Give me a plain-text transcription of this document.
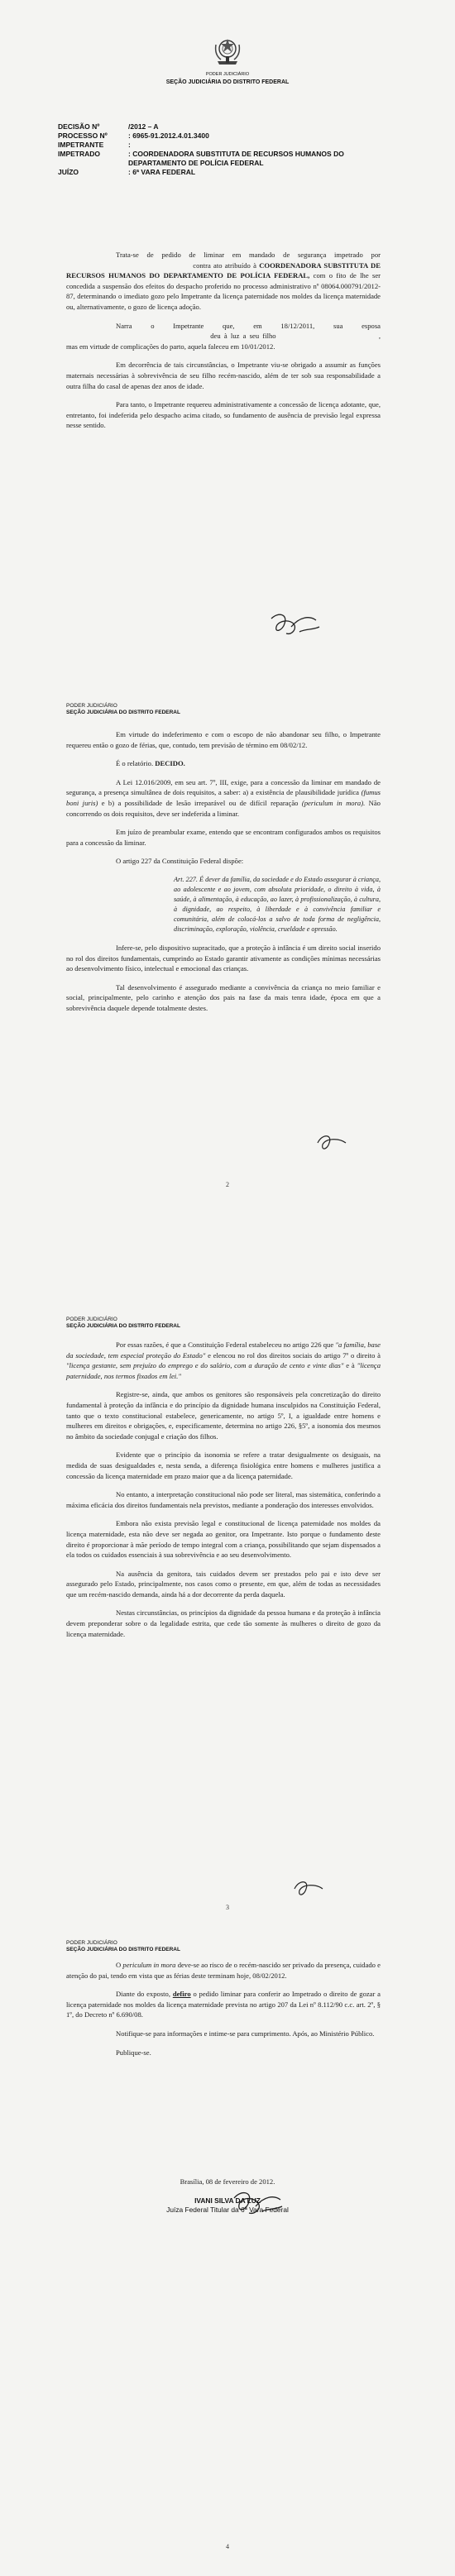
PODER JUDICIÁRIO
SEÇÃO JUDICIÁRIA DO DISTRITO FEDERAL
DECISÃO Nº	/2012 – A
PROCESSO Nº	: 6965-91.2012.4.01.3400
IMPETRANTE	:
IMPETRADO	: COORDENADORA SUBSTITUTA DE RECURSOS HUMANOS DO DEPARTAMENTO DE POLÍCIA FEDERAL
JUÍZO	: 6ª VARA FEDERAL

Trata-se de pedido de liminar em mandado de segurança impetrado por  contra ato atribuído à COORDENADORA SUBSTITUTA DE RECURSOS HUMANOS DO DEPARTAMENTO DE POLÍCIA FEDERAL, com o fito de lhe ser concedida a suspensão dos efeitos do despacho proferido no processo administrativo nº 08064.000791/2012-87, determinando o imediato gozo pelo Impetrante da licença paternidade nos moldes da licença maternidade ou, alternativamente, o gozo de licença adoção.

Narra o Impetrante que, em 18/12/2011, sua esposa  deu à luz a seu filho	, mas em virtude de complicações do parto, aquela faleceu em 10/01/2012.

Em decorrência de tais circunstâncias, o Impetrante viu-se obrigado a assumir as funções maternais necessárias à sobrevivência de seu filho recém-nascido, além de ter sob sua responsabilidade a outra filha do casal de apenas dez anos de idade.

Para tanto, o Impetrante requereu administrativamente a concessão de licença adotante, que, entretanto, foi indeferida pelo despacho acima citado, so fundamento de ausência de previsão legal expressa nesse sentido.

PODER JUDICIÁRIO
SEÇÃO JUDICIÁRIA DO DISTRITO FEDERAL

Em virtude do indeferimento e com o escopo de não abandonar seu filho, o Impetrante requereu então o gozo de férias, que, contudo, tem previsão de término em 08/02/12.

É o relatório. DECIDO.

A Lei 12.016/2009, em seu art. 7º, III, exige, para a concessão da liminar em mandado de segurança, a presença simultânea de dois requisitos, a saber: a) a existência de plausibilidade jurídica (fumus boni juris) e b) a possibilidade de lesão irreparável ou de difícil reparação (periculum in mora). Não concorrendo os dois requisitos, deve ser indeferida a liminar.

Em juízo de preambular exame, entendo que se encontram configurados ambos os requisitos para a concessão da liminar.

O artigo 227 da Constituição Federal dispõe:

Art. 227. É dever da família, da sociedade e do Estado assegurar à criança, ao adolescente e ao jovem, com absoluta prioridade, o direito à vida, à saúde, à alimentação, à educação, ao lazer, à profissionalização, à cultura, à dignidade, ao respeito, à liberdade e à convivência familiar e comunitária, além de colocá-los a salvo de toda forma de negligência, discriminação, exploração, violência, crueldade e opressão.

Infere-se, pelo dispositivo supracitado, que a proteção à infância é um direito social inserido no rol dos direitos fundamentais, cumprindo ao Estado garantir ativamente as condições mínimas necessárias ao desenvolvimento físico, intelectual e emocional das crianças.

Tal desenvolvimento é assegurado mediante a convivência da criança no meio familiar e social, principalmente, pelo carinho e atenção dos pais na fase da mais tenra idade, época em que a sobrevivência daquele depende totalmente destes.

2
PODER JUDICIÁRIO
SEÇÃO JUDICIÁRIA DO DISTRITO FEDERAL

Por essas razões, é que a Constituição Federal estabeleceu no artigo 226 que "a família, base da sociedade, tem especial proteção do Estado" e elencou no rol dos direitos sociais do artigo 7º o direito à "licença gestante, sem prejuízo do emprego e do salário, com a duração de cento e vinte dias" e à "licença paternidade, nos termos fixados em lei."

Registre-se, ainda, que ambos os genitores são responsáveis pela concretização do direito fundamental à proteção da infância e do princípio da dignidade humana insculpidos na Constituição Federal, tanto que o texto constitucional estabelece, genericamente, no artigo 5º, I, a igualdade entre homens e mulheres em direitos e obrigações, e, especificamente, determina no artigo 226, §5º, a isonomia dos mesmos no âmbito da sociedade conjugal e criação dos filhos.

Evidente que o princípio da isonomia se refere a tratar desigualmente os desiguais, na medida de suas desigualdades e, nesta senda, a diferença fisiológica entre homens e mulheres justifica a concessão da licença maternidade em prazo maior que a da licença paternidade.

No entanto, a interpretação constitucional não pode ser literal, mas sistemática, conferindo a máxima eficácia dos direitos fundamentais nela previstos, mediante a ponderação dos interesses envolvidos.

Embora não exista previsão legal e constitucional de licença paternidade nos moldes da licença maternidade, esta não deve ser negada ao genitor, ora Impetrante. Isto porque o fundamento deste direito é proporcionar à mãe período de tempo integral com a criança, possibilitando que sejam dispensados a ela todos os cuidados essenciais à sua sobrevivência e ao seu desenvolvimento.

Na ausência da genitora, tais cuidados devem ser prestados pelo pai e isto deve ser assegurado pelo Estado, principalmente, nos casos como o presente, em que, além de todas as necessidades que um recém-nascido demanda, ainda há a dor decorrente da perda daquela.

Nestas circunstâncias, os princípios da dignidade da pessoa humana e da proteção à infância devem preponderar sobre o da legalidade estrita, que cede tão somente às mulheres o direito de gozo da licença maternidade.

3
PODER JUDICIÁRIO
SEÇÃO JUDICIÁRIA DO DISTRITO FEDERAL

O periculum in mora deve-se ao risco de o recém-nascido ser privado da presença, cuidado e atenção do pai, tendo em vista que as férias deste terminam hoje, 08/02/2012.

Diante do exposto, defiro o pedido liminar para conferir ao Impetrado o direito de gozar a licença paternidade nos moldes da licença maternidade prevista no artigo 207 da Lei nº 8.112/90 c.c. art. 2º, § 1º, do Decreto nº 6.690/08.

Notifique-se para informações e intime-se para cumprimento. Após, ao Ministério Público.

Publique-se.

Brasília, 08 de fevereiro de 2012.
IVANI SILVA DA LUZ
Juíza Federal Titular da 6ª Vara Federal
4
